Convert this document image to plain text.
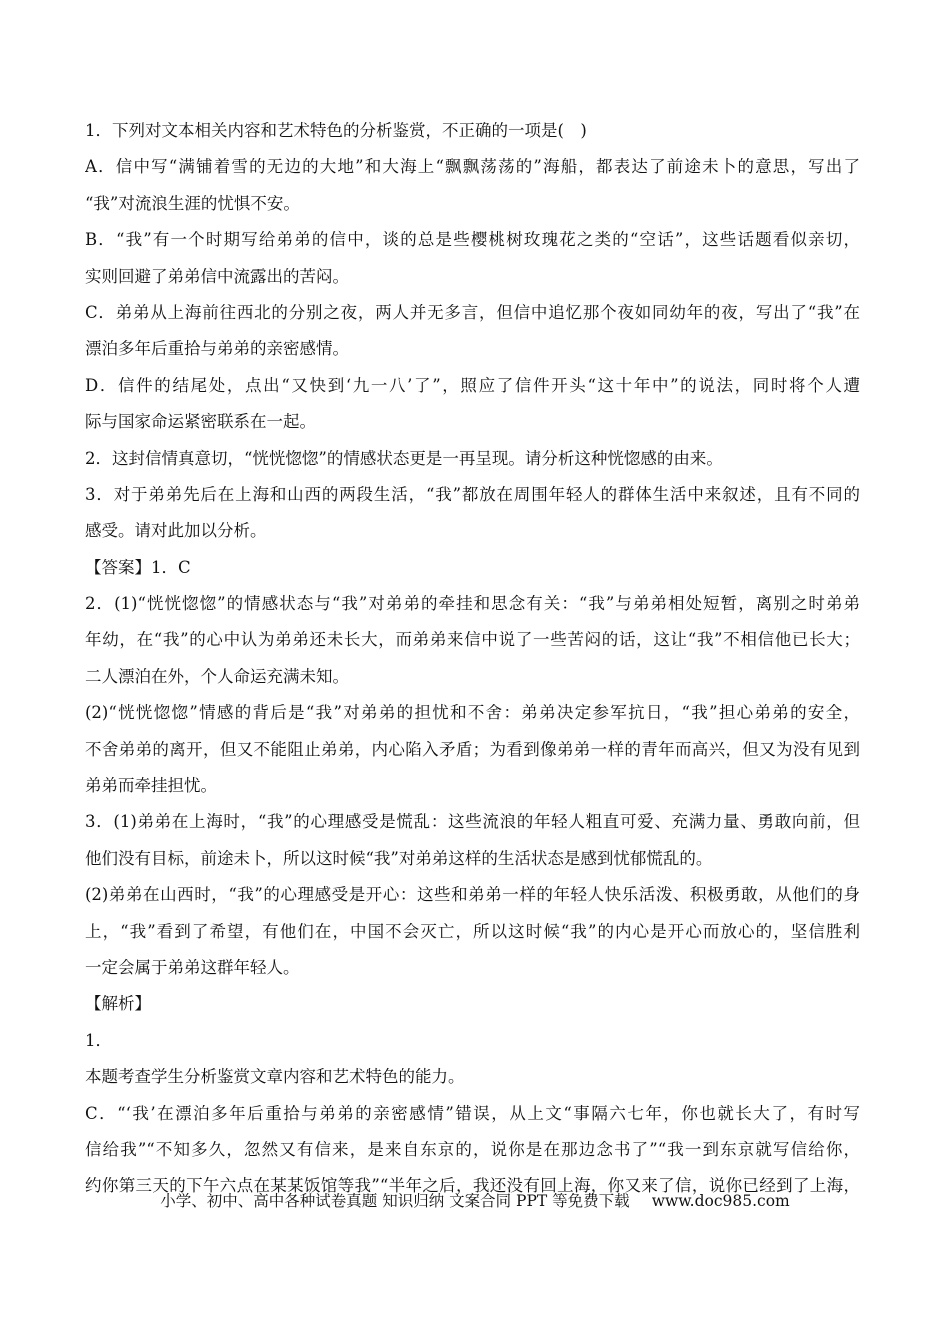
1．下列对文本相关内容和艺术特色的分析鉴赏，不正确的一项是(　)
A．信中写“满铺着雪的无边的大地”和大海上“飘飘荡荡的”海船，都表达了前途未卜的意思，写出了
“我”对流浪生涯的忧惧不安。
B．“我”有一个时期写给弟弟的信中，谈的总是些樱桃树玫瑰花之类的“空话”，这些话题看似亲切，
实则回避了弟弟信中流露出的苦闷。
C．弟弟从上海前往西北的分别之夜，两人并无多言，但信中追忆那个夜如同幼年的夜，写出了“我”在
漂泊多年后重拾与弟弟的亲密感情。
D．信件的结尾处，点出“又快到‘九一八’了”，照应了信件开头“这十年中”的说法，同时将个人遭
际与国家命运紧密联系在一起。
2．这封信情真意切，“恍恍惚惚”的情感状态更是一再呈现。请分析这种恍惚感的由来。
3．对于弟弟先后在上海和山西的两段生活，“我”都放在周围年轻人的群体生活中来叙述，且有不同的
感受。请对此加以分析。
【答案】1．C
2．(1)“恍恍惚惚”的情感状态与“我”对弟弟的牵挂和思念有关：“我”与弟弟相处短暂，离别之时弟弟
年幼，在“我”的心中认为弟弟还未长大，而弟弟来信中说了一些苦闷的话，这让“我”不相信他已长大；
二人漂泊在外，个人命运充满未知。
(2)“恍恍惚惚”情感的背后是“我”对弟弟的担忧和不舍：弟弟决定参军抗日，“我”担心弟弟的安全，
不舍弟弟的离开，但又不能阻止弟弟，内心陷入矛盾；为看到像弟弟一样的青年而高兴，但又为没有见到
弟弟而牵挂担忧。
3．(1)弟弟在上海时，“我”的心理感受是慌乱：这些流浪的年轻人粗直可爱、充满力量、勇敢向前，但
他们没有目标，前途未卜，所以这时候“我”对弟弟这样的生活状态是感到忧郁慌乱的。
(2)弟弟在山西时，“我”的心理感受是开心：这些和弟弟一样的年轻人快乐活泼、积极勇敢，从他们的身
上，“我”看到了希望，有他们在，中国不会灭亡，所以这时候“我”的内心是开心而放心的，坚信胜利
一定会属于弟弟这群年轻人。
【解析】
1．
本题考查学生分析鉴赏文章内容和艺术特色的能力。
C．“‘我’在漂泊多年后重拾与弟弟的亲密感情”错误，从上文“事隔六七年，你也就长大了，有时写
信给我”“不知多久，忽然又有信来，是来自东京的，说你是在那边念书了”“我一到东京就写信给你，
约你第三天的下午六点在某某饭馆等我”“半年之后，我还没有回上海，你又来了信，说你已经到了上海，
小学、初中、高中各种试卷真题 知识归纳 文案合同 PPT 等免费下载 www.doc985.com
